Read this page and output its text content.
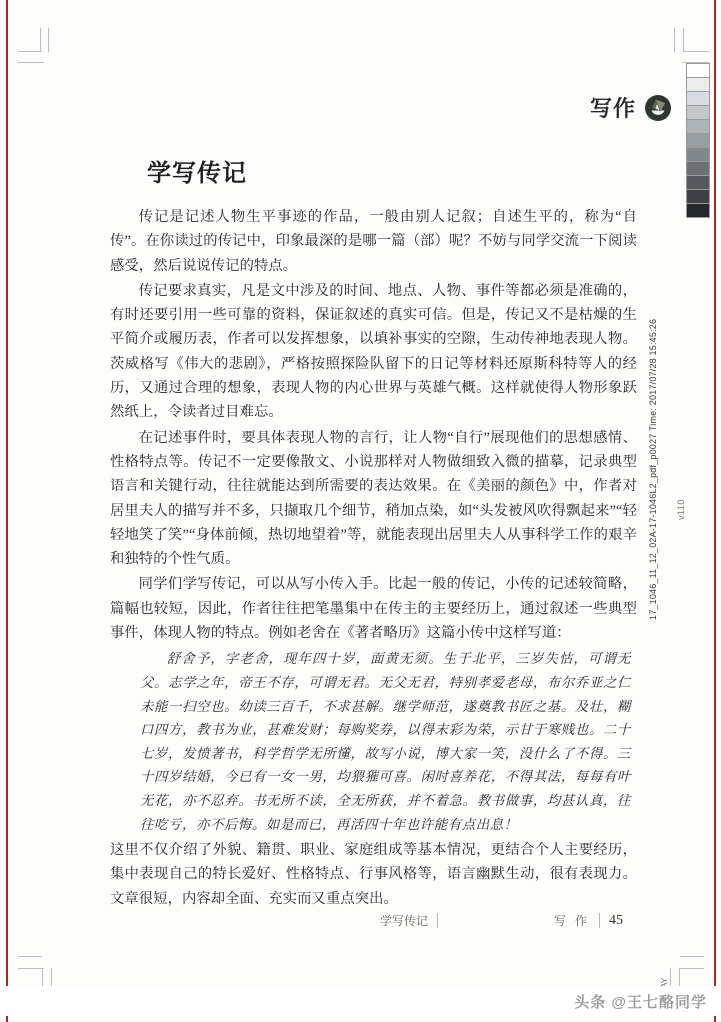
v110
17_1046_11_12_02A-17-1046L2_pdf_p0027 Time: 2017/07/28 15:45:26
写作
学写传记

传记是记述人物生平事迹的作品，一般由别人记叙；自述生平的，称为“自传”。在你读过的传记中，印象最深的是哪一篇（部）呢？不妨与同学交流一下阅读感受，然后说说传记的特点。

传记要求真实，凡是文中涉及的时间、地点、人物、事件等都必须是准确的，有时还要引用一些可靠的资料，保证叙述的真实可信。但是，传记又不是枯燥的生平简介或履历表，作者可以发挥想象，以填补事实的空隙，生动传神地表现人物。茨威格写《伟大的悲剧》，严格按照探险队留下的日记等材料还原斯科特等人的经历，又通过合理的想象，表现人物的内心世界与英雄气概。这样就使得人物形象跃然纸上，令读者过目难忘。

在记述事件时，要具体表现人物的言行，让人物“自行”展现他们的思想感情、性格特点等。传记不一定要像散文、小说那样对人物做细致入微的描摹，记录典型语言和关键行动，往往就能达到所需要的表达效果。在《美丽的颜色》中，作者对居里夫人的描写并不多，只撷取几个细节，稍加点染，如“头发被风吹得飘起来”“轻轻地笑了笑”“身体前倾，热切地望着”等，就能表现出居里夫人从事科学工作的艰辛和独特的个性气质。

同学们学写传记，可以从写小传入手。比起一般的传记，小传的记述较简略，篇幅也较短，因此，作者往往把笔墨集中在传主的主要经历上，通过叙述一些典型事件，体现人物的特点。例如老舍在《著者略历》这篇小传中这样写道：

舒舍予，字老舍，现年四十岁，面黄无须。生于北平，三岁失怙，可谓无父。志学之年，帝王不存，可谓无君。无父无君，特别孝爱老母，布尔乔亚之仁未能一扫空也。幼读三百千，不求甚解。继学师范，遂奠教书匠之基。及壮，糊口四方，教书为业，甚难发财；每购奖券，以得末彩为荣，示甘于寒贱也。二十七岁，发愤著书，科学哲学无所懂，故写小说，博大家一笑，没什么了不得。三十四岁结婚，今已有一女一男，均猥獕可喜。闲时喜养花，不得其法，每每有叶无花，亦不忍弃。书无所不读，全无所获，并不着急。教书做事，均甚认真，往往吃亏，亦不后悔。如是而已，再活四十年也许能有点出息！

这里不仅介绍了外貌、籍贯、职业、家庭组成等基本情况，更结合个人主要经历，集中表现自己的特长爱好、性格特点、行事风格等，语言幽默生动，很有表现力。文章很短，内容却全面、充实而又重点突出。

学写传记	写 作 45
头条 @王七酪同学
